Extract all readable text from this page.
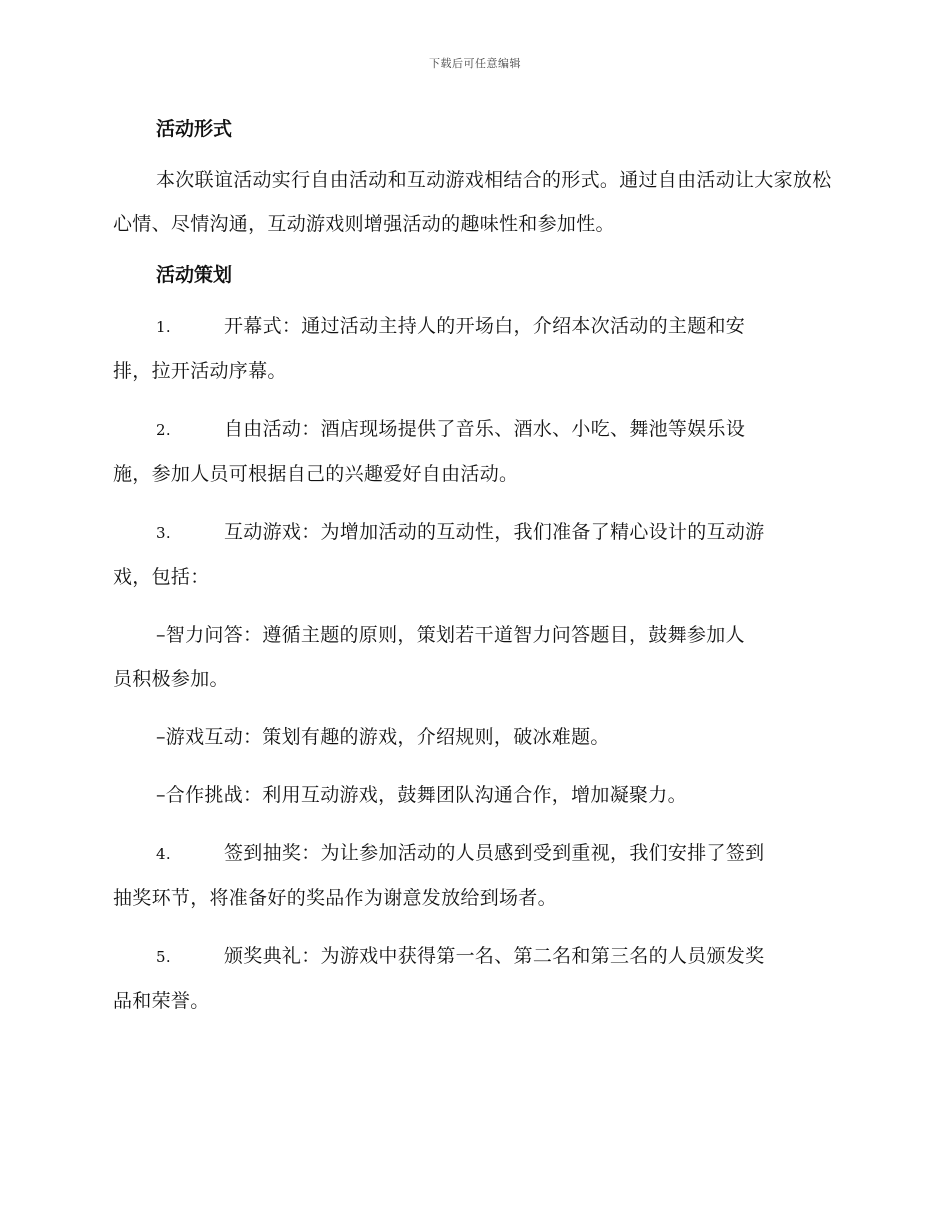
下载后可任意编辑
活动形式

本次联谊活动实行自由活动和互动游戏相结合的形式。通过自由活动让大家放松心情、尽情沟通，互动游戏则增强活动的趣味性和参加性。

活动策划
1.	开幕式：通过活动主持人的开场白，介绍本次活动的主题和安
排，拉开活动序幕。
2.	自由活动：酒店现场提供了音乐、酒水、小吃、舞池等娱乐设
施，参加人员可根据自己的兴趣爱好自由活动。
3.	互动游戏：为增加活动的互动性，我们准备了精心设计的互动游
戏，包括：
–智力问答：遵循主题的原则，策划若干道智力问答题目，鼓舞参加人
员积极参加。
–游戏互动：策划有趣的游戏，介绍规则，破冰难题。
–合作挑战：利用互动游戏，鼓舞团队沟通合作，增加凝聚力。
4.	签到抽奖：为让参加活动的人员感到受到重视，我们安排了签到
抽奖环节，将准备好的奖品作为谢意发放给到场者。
5.	颁奖典礼：为游戏中获得第一名、第二名和第三名的人员颁发奖
品和荣誉。
